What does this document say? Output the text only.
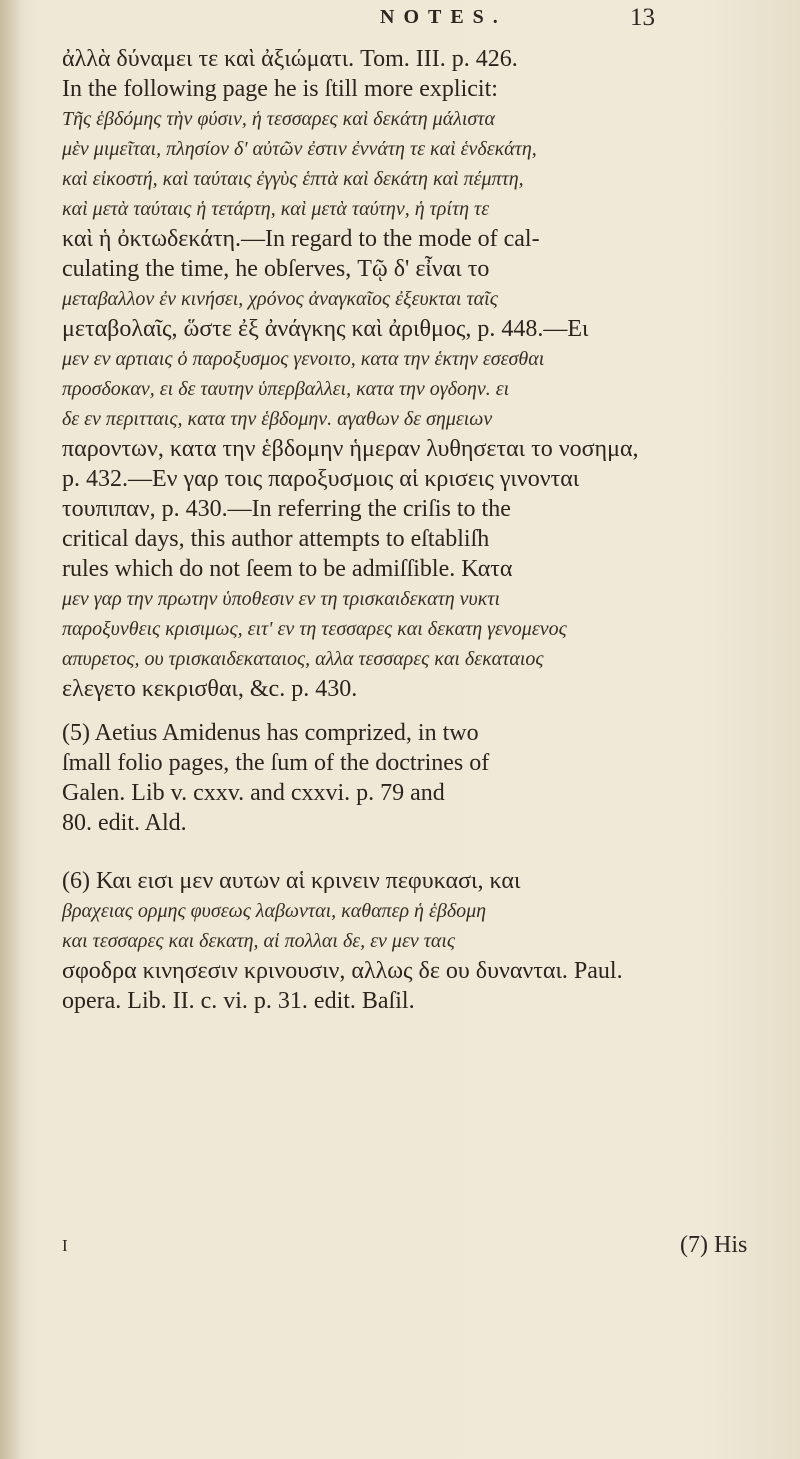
NOTES.	13
ἀλλὰ δύναμει τε καὶ ἀξιώματι. Tom. III. p. 426.
In the following page he is ſtill more explicit:
Τῆς ἑβδόμης τὴν φύσιν, ἡ τεσσαρες καὶ δεκάτη μάλιστα
μὲν μιμεῖται, πλησίον δ' αὐτῶν ἐστιν ἐννάτη τε καὶ ἑνδεκάτη,
καὶ εἰκοστή, καὶ ταύταις ἐγγὺς ἑπτὰ καὶ δεκάτη καὶ πέμπτη,
καὶ μετὰ ταύταις ἡ τετάρτη, καὶ μετὰ ταύτην, ἡ τρίτη τε
καὶ ἡ ὀκτωδεκάτη.—In regard to the mode of cal-
culating the time, he obſerves, Τῷ δ' εἶναι το
μεταβαλλον ἐν κινήσει, χρόνος ἀναγκαῖος ἐξευκται ταῖς
μεταβολαῖς, ὥστε ἐξ ἀνάγκης καὶ ἀριθμος, p. 448.—Ει
μεν εν αρτιαις ὁ παροξυσμος γενοιτο, κατα την ἑκτην εσεσθαι
προσδοκαν, ει δε ταυτην ὑπερβαλλει, κατα την ογδοην. ει
δε εν περιτταις, κατα την ἑβδομην. αγαθων δε σημειων
παροντων, κατα την ἑβδομην ἡμεραν λυθησεται το νοσημα,
p. 432.—Εν γαρ τοις παροξυσμοις αἱ κρισεις γινονται
τουπιπαν, p. 430.—In referring the criſis to the
critical days, this author attempts to eſtabliſh
rules which do not ſeem to be admiſſible. Κατα
μεν γαρ την πρωτην ὑποθεσιν εν τη τρισκαιδεκατη νυκτι
παροξυνθεις κρισιμως, ειτ' εν τη τεσσαρες και δεκατη γενομενος
απυρετος, ου τρισκαιδεκαταιος, αλλα τεσσαρες και δεκαταιος
ελεγετο κεκρισθαι, &c. p. 430.
(5) Aetius Amidenus has comprized, in two
ſmall folio pages, the ſum of the doctrines of
Galen. Lib v. cxxv. and cxxvi. p. 79 and
80. edit. Ald.
(6) Και εισι μεν αυτων αἱ κρινειν πεφυκασι, και
βραχειας ορμης φυσεως λαβωνται, καθαπερ ἡ ἑβδομη
και τεσσαρες και δεκατη, αἱ πολλαι δε, εν μεν ταις
σφοδρα κινησεσιν κρινουσιν, αλλως δε ου δυνανται. Paul.
opera. Lib. II. c. vi. p. 31. edit. Baſil.
I	(7) His
